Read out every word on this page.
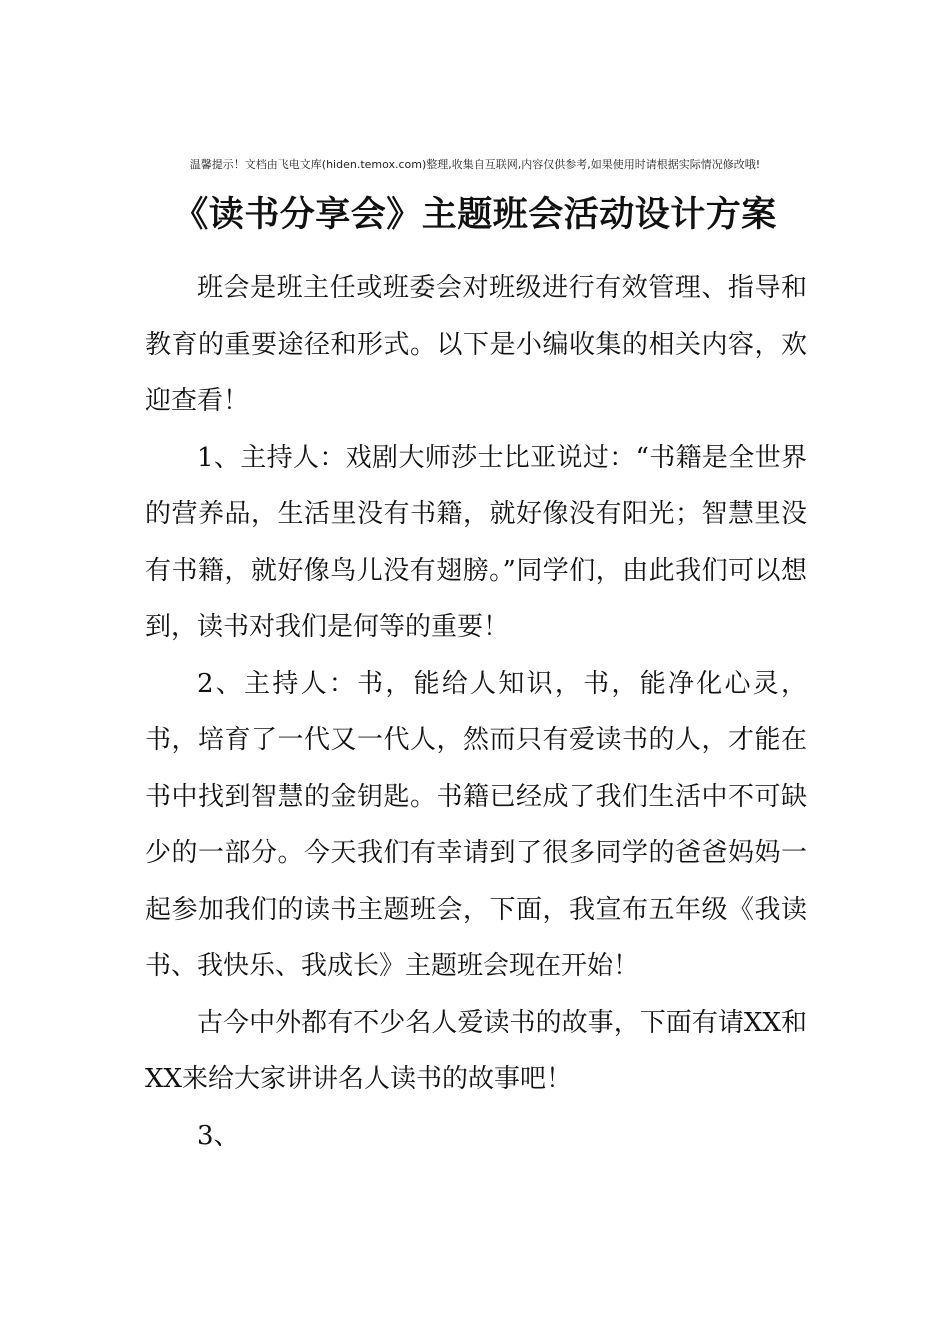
温馨提示！文档由飞电文库(hiden.temox.com)整理,收集自互联网,内容仅供参考,如果使用时请根据实际情况修改哦!
《读书分享会》主题班会活动设计方案

班会是班主任或班委会对班级进行有效管理、指导和教育的重要途径和形式。以下是小编收集的相关内容，欢迎查看！

1、主持人：戏剧大师莎士比亚说过：“书籍是全世界的营养品，生活里没有书籍，就好像没有阳光；智慧里没有书籍，就好像鸟儿没有翅膀。”同学们，由此我们可以想到，读书对我们是何等的重要！

2、主持人：书，能给人知识，书，能净化心灵，书，培育了一代又一代人，然而只有爱读书的人，才能在书中找到智慧的金钥匙。书籍已经成了我们生活中不可缺少的一部分。今天我们有幸请到了很多同学的爸爸妈妈一起参加我们的读书主题班会，下面，我宣布五年级《我读书、我快乐、我成长》主题班会现在开始！

古今中外都有不少名人爱读书的故事，下面有请XX和XX来给大家讲讲名人读书的故事吧！

3、
